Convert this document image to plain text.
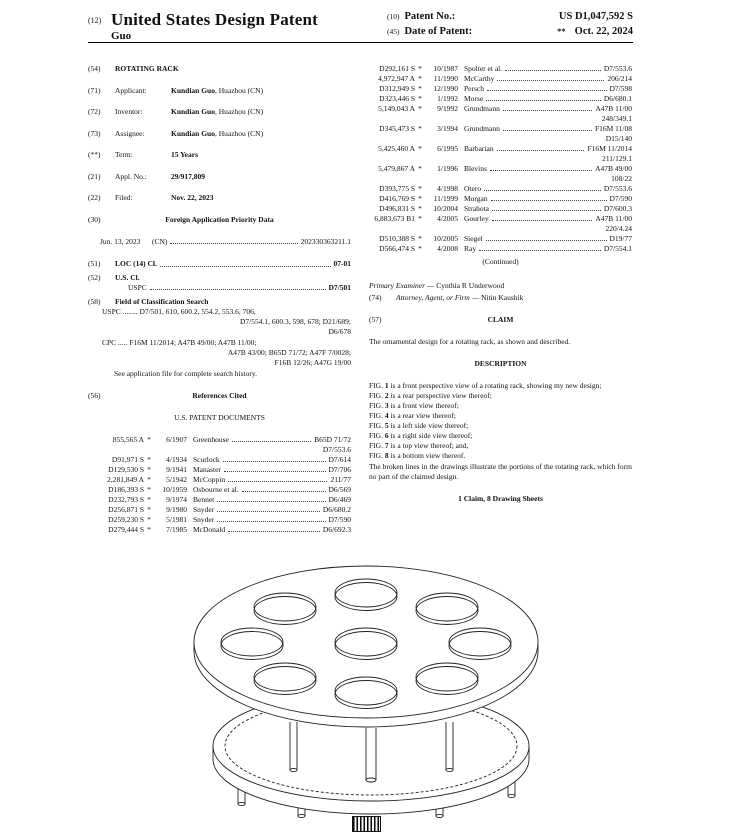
(12) United States Design Patent
Guo
(10) Patent No.:	US D1,047,592 S
(45) Date of Patent:	** Oct. 22, 2024
(54)	ROTATING RACK
(71)	Applicant:	Kundian Guo, Huazhou (CN)
(72)	Inventor:	Kundian Guo, Huazhou (CN)
(73)	Assignee:	Kundian Guo, Huazhou (CN)
(**)	Term:	15 Years
(21)	Appl. No.:	29/917,809
(22)	Filed:	Nov. 22, 2023
(30)	Foreign Application Priority Data
Jun. 13, 2023	(CN)	202330363211.1
(51)	LOC (14) Cl.	07-01
(52)	U.S. Cl.
USPC	D7/501
(58)	Field of Classification Search
USPC ........ D7/501, 610, 600.2, 554.2, 553.6, 706,
D7/554.1, 600.3, 598, 678; D21/689;
D6/678
CPC ..... F16M 11/2014; A47B 49/00; A47B 11/00;
A47B 43/00; B65D 71/72; A47F 7/0028;
F16B 12/26; A47G 19/00
See application file for complete search history.
(56)	References Cited
U.S. PATENT DOCUMENTS
855,565 A *	6/1907 Greenhouse	B65D 71/72
D7/553.6
D91,971 S *	4/1934 Scurlock	D7/614
D129,530 S *	9/1941 Manaster	D7/706
2,281,849 A *	5/1942 McCoppin	211/77
D186,393 S *	10/1959 Osbourne et al.	D6/569
D232,793 S *	9/1974 Bennet	D6/469
D256,871 S *	9/1980 Snyder	D6/680.2
D259,230 S *	5/1981 Snyder	D7/590
D279,444 S *	7/1985 McDonald	D6/692.3
D292,161 S *	10/1987 Spolter et al.	D7/553.6
4,972,947 A *	11/1990 McCarthy	206/214
D312,949 S *	12/1990 Persch	D7/598
D323,446 S *	1/1992 Morse	D6/680.1
5,149,043 A *	9/1992 Grundmann	A47B 11/00
248/349.1
D345,473 S *	3/1994 Grundmann	F16M 11/08
D15/140
5,425,460 A *	6/1995 Barbarian	F16M 11/2014
211/129.1
5,479,867 A *	1/1996 Blevins	A47B 49/00
108/22
D393,775 S *	4/1998 Otero	D7/553.6
D416,769 S *	11/1999 Morgan	D7/590
D496,831 S *	10/2004 Strahota	D7/600.3
6,883,673 B1 *	4/2005 Gourley	A47B 11/00
220/4.24
D510,388 S *	10/2005 Siegel	D19/77
D566,474 S *	4/2008 Ray	D7/554.1
(Continued)
Primary Examiner — Cynthia R Underwood
(74)	Attorney, Agent, or Firm — Nitin Kaushik
(57)	CLAIM
The ornamental design for a rotating rack, as shown and described.
DESCRIPTION
FIG. 1 is a front perspective view of a rotating rack, showing my new design;
FIG. 2 is a rear perspective view thereof;
FIG. 3 is a front view thereof;
FIG. 4 is a rear view thereof;
FIG. 5 is a left side view thereof;
FIG. 6 is a right side view thereof;
FIG. 7 is a top view thereof; and,
FIG. 8 is a bottom view thereof.
The broken lines in the drawings illustrate the portions of the rotating rack, which form no part of the claimed design.
1 Claim, 8 Drawing Sheets
